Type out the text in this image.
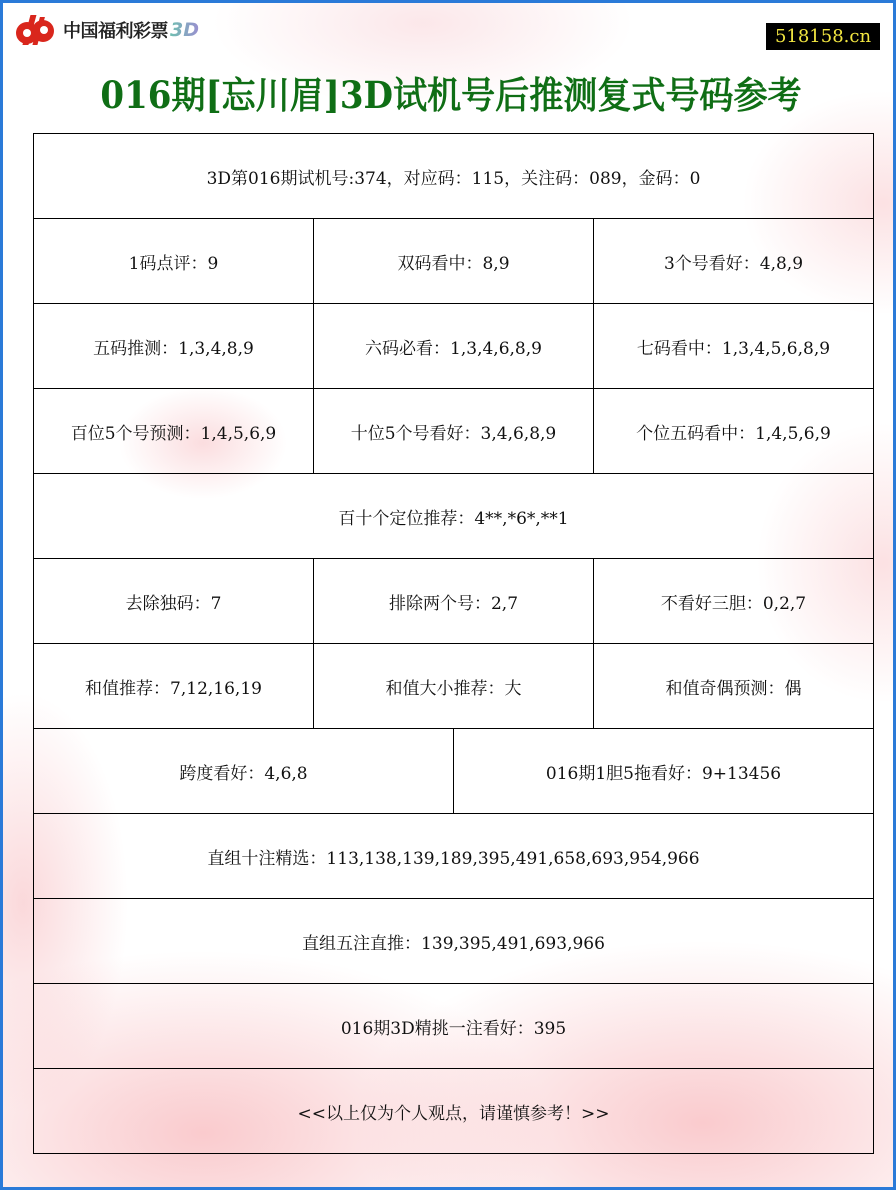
中国福利彩票 3D	518158.cn
016期[忘川眉]3D试机号后推测复式号码参考
3D第016期试机号:374，对应码：115，关注码：089，金码：0
1码点评：9	双码看中：8,9	3个号看好：4,8,9
五码推测：1,3,4,8,9	六码必看：1,3,4,6,8,9	七码看中：1,3,4,5,6,8,9
百位5个号预测：1,4,5,6,9	十位5个号看好：3,4,6,8,9	个位五码看中：1,4,5,6,9
百十个定位推荐：4**,*6*,**1
去除独码：7	排除两个号：2,7	不看好三胆：0,2,7
和值推荐：7,12,16,19	和值大小推荐：大	和值奇偶预测：偶
跨度看好：4,6,8	016期1胆5拖看好：9+13456
直组十注精选：113,138,139,189,395,491,658,693,954,966
直组五注直推：139,395,491,693,966
016期3D精挑一注看好：395
<<以上仅为个人观点，请谨慎参考！>>
